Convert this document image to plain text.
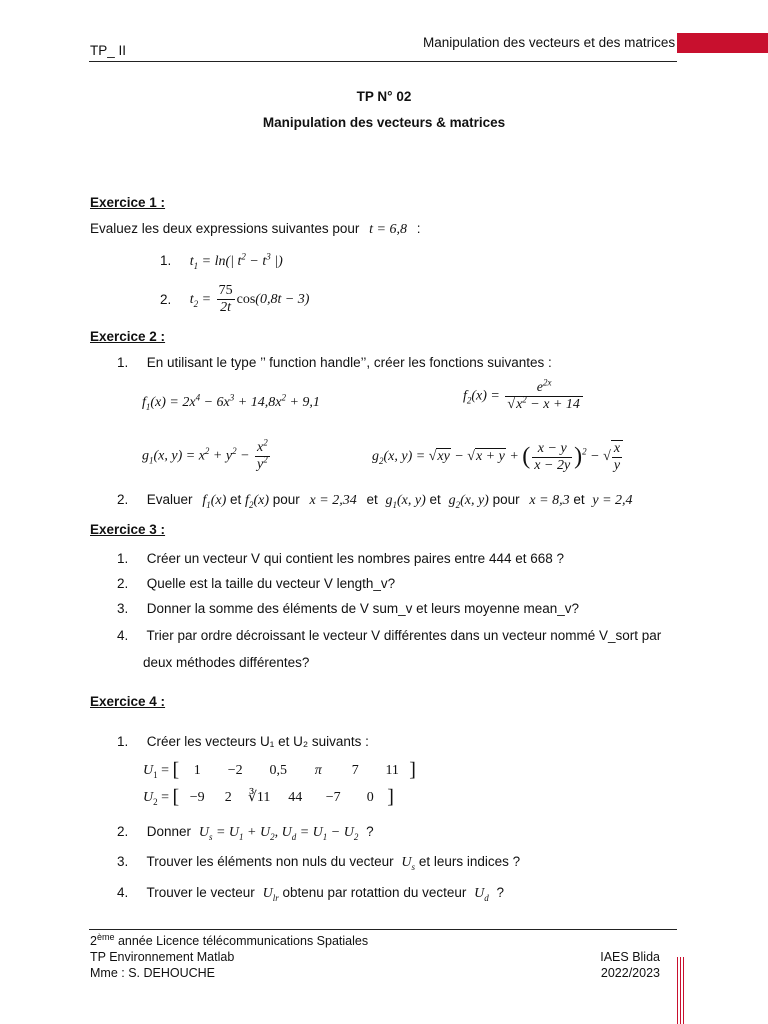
TP_ II
Manipulation des vecteurs et des matrices
TP N° 02
Manipulation des vecteurs & matrices
Exercice 1 :
Evaluez les deux expressions suivantes pour t = 6,8 :
1. $t_1 = \ln(|$ $t^2 - t^3$ |)
2. $t_2 = \frac{75}{2t} \cos(0,8t - 3)$
Exercice 2 :
1. En utilisant le type ’’ function handle’’, créer les fonctions suivantes :
$f_1(x) = 2x^4 - 6x^3 + 14,8x^2 + 9,1$	$f_2(x) = \frac{e^{2x}}{√x^2 - x + 14}$
$g_1(x$, $y) = x^2 + y^2 - \frac{x^2}{y^2}$	$g_2(x$, y) = √xy − √x + y + ( $\frac{x - y}{x - 2y} )^2$ − √ $\frac{x}{y}$
2. Evaluer $f_1(x)$ et $f_2(x)$ pour x = 2,34 et $g_1(x$, y) et $g_2(x$, y) pour x = 8,3 et y = 2,4
Exercice 3 :
1. Créer un vecteur V qui contient les nombres paires entre 444 et 668 ?
2. Quelle est la taille du vecteur V length_v?
3. Donner la somme des éléments de V sum_v et leurs moyenne mean_v?
4. Trier par ordre décroissant le vecteur V différentes dans un vecteur nommé V_sort par
deux méthodes différentes?
Exercice 4 :
1. Créer les vecteurs U₁ et U₂ suivants :
$U_1$ = [ 1 −2 0,5 π 7 11 ]
$U_2$ = [ −9 2 ∛11 44 −7 0 ]
2. Donner $U_s = U_1 + U_2$, $U_d = U_1 - U_2$ ?
3. Trouver les éléments non nuls du vecteur $U_s$ et leurs indices ?
4. Trouver le vecteur $U_{lr}$ obtenu par rotattion du vecteur $U_d$ ?
2ème année Licence télécommunications Spatiales
TP Environnement Matlab
Mme : S. DEHOUCHE
IAES Blida
2022/2023
